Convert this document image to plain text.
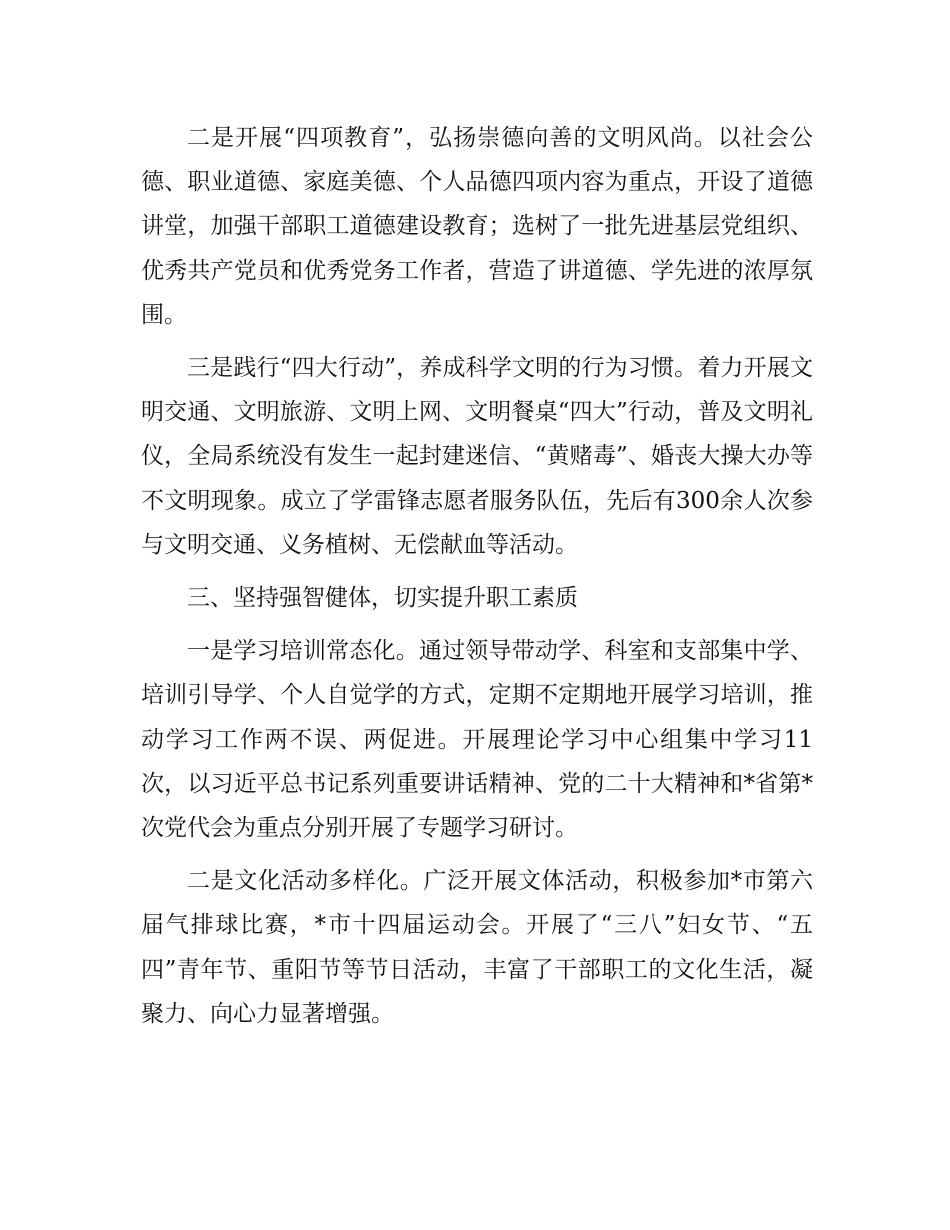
二是开展“四项教育”，弘扬崇德向善的文明风尚。以社会公德、职业道德、家庭美德、个人品德四项内容为重点，开设了道德讲堂，加强干部职工道德建设教育；选树了一批先进基层党组织、优秀共产党员和优秀党务工作者，营造了讲道德、学先进的浓厚氛围。

三是践行“四大行动”，养成科学文明的行为习惯。着力开展文明交通、文明旅游、文明上网、文明餐桌“四大”行动，普及文明礼仪，全局系统没有发生一起封建迷信、“黄赌毒”、婚丧大操大办等不文明现象。成立了学雷锋志愿者服务队伍，先后有300余人次参与文明交通、义务植树、无偿献血等活动。

三、坚持强智健体，切实提升职工素质

一是学习培训常态化。通过领导带动学、科室和支部集中学、培训引导学、个人自觉学的方式，定期不定期地开展学习培训，推动学习工作两不误、两促进。开展理论学习中心组集中学习11次，以习近平总书记系列重要讲话精神、党的二十大精神和*省第*次党代会为重点分别开展了专题学习研讨。

二是文化活动多样化。广泛开展文体活动，积极参加*市第六届气排球比赛，*市十四届运动会。开展了“三八”妇女节、“五四”青年节、重阳节等节日活动，丰富了干部职工的文化生活，凝聚力、向心力显著增强。
